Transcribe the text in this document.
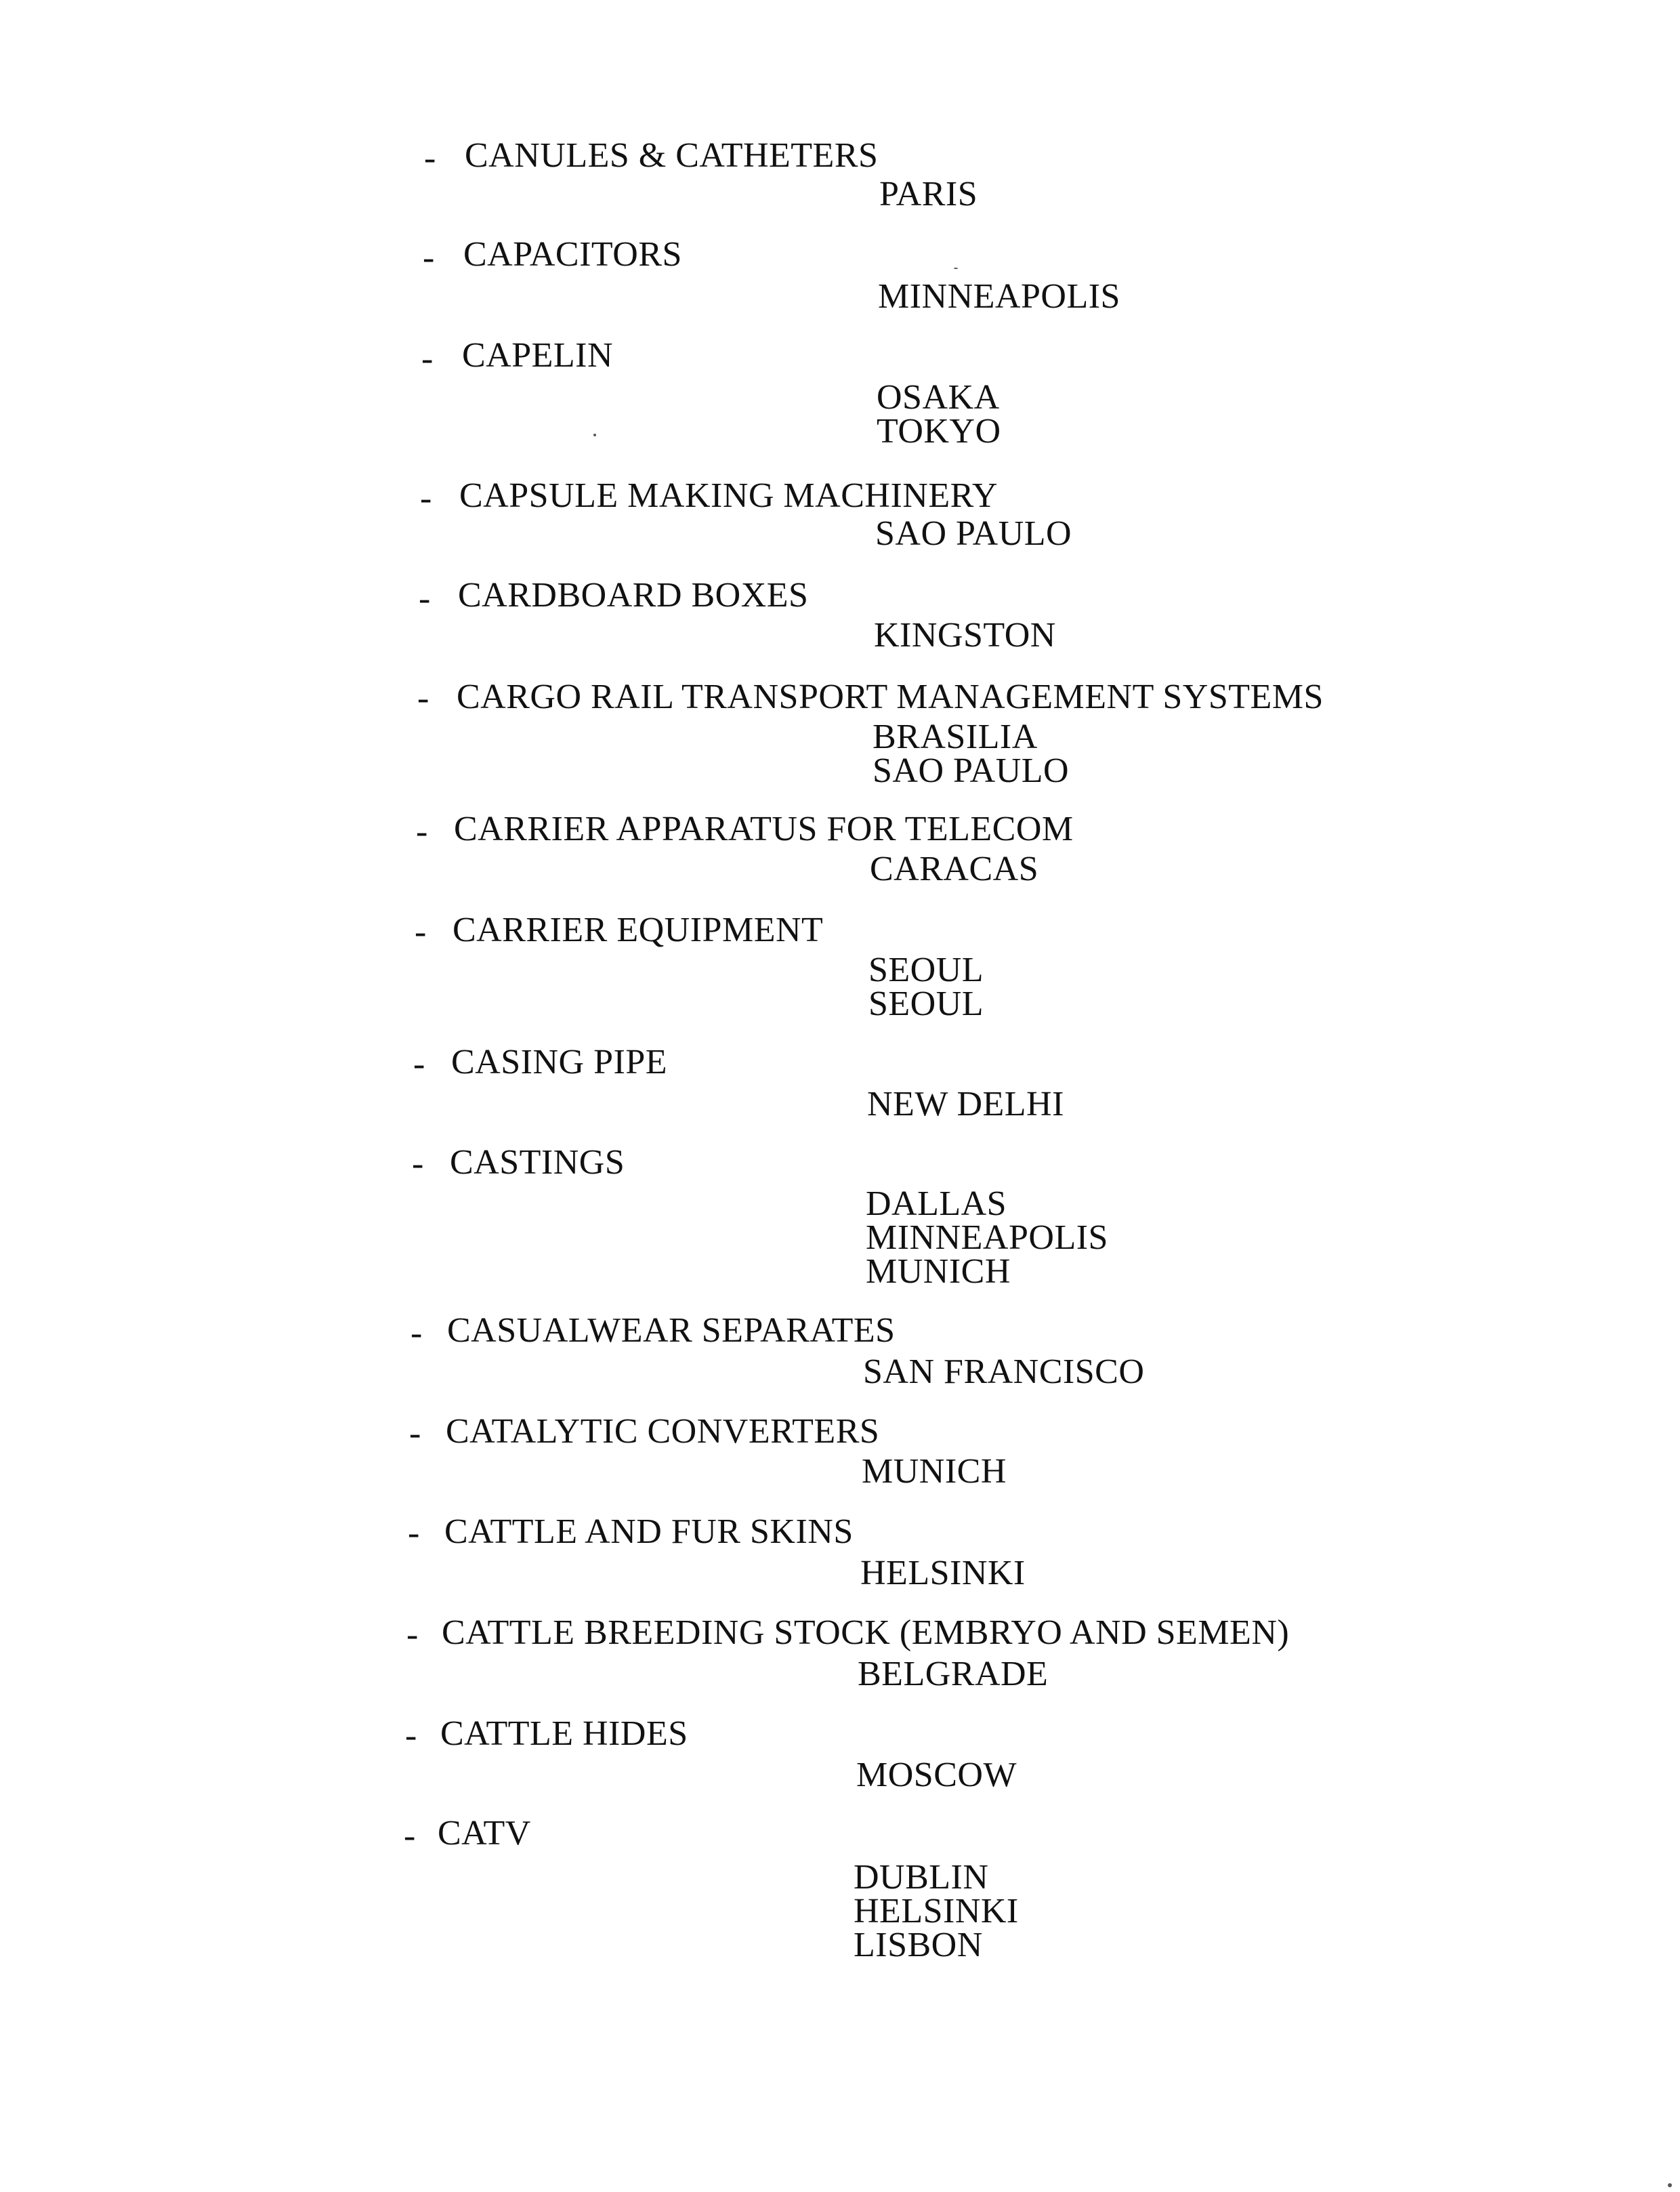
- CANULES & CATHETERS
PARIS
- CAPACITORS
MINNEAPOLIS
- CAPELIN
OSAKA
TOKYO
- CAPSULE MAKING MACHINERY
SAO PAULO
- CARDBOARD BOXES
KINGSTON
- CARGO RAIL TRANSPORT MANAGEMENT SYSTEMS
BRASILIA
SAO PAULO
- CARRIER APPARATUS FOR TELECOM
CARACAS
- CARRIER EQUIPMENT
SEOUL
SEOUL
- CASING PIPE
NEW DELHI
- CASTINGS
DALLAS
MINNEAPOLIS
MUNICH
- CASUALWEAR SEPARATES
SAN FRANCISCO
- CATALYTIC CONVERTERS
MUNICH
- CATTLE AND FUR SKINS
HELSINKI
- CATTLE BREEDING STOCK (EMBRYO AND SEMEN)
BELGRADE
- CATTLE HIDES
MOSCOW
- CATV
DUBLIN
HELSINKI
LISBON
